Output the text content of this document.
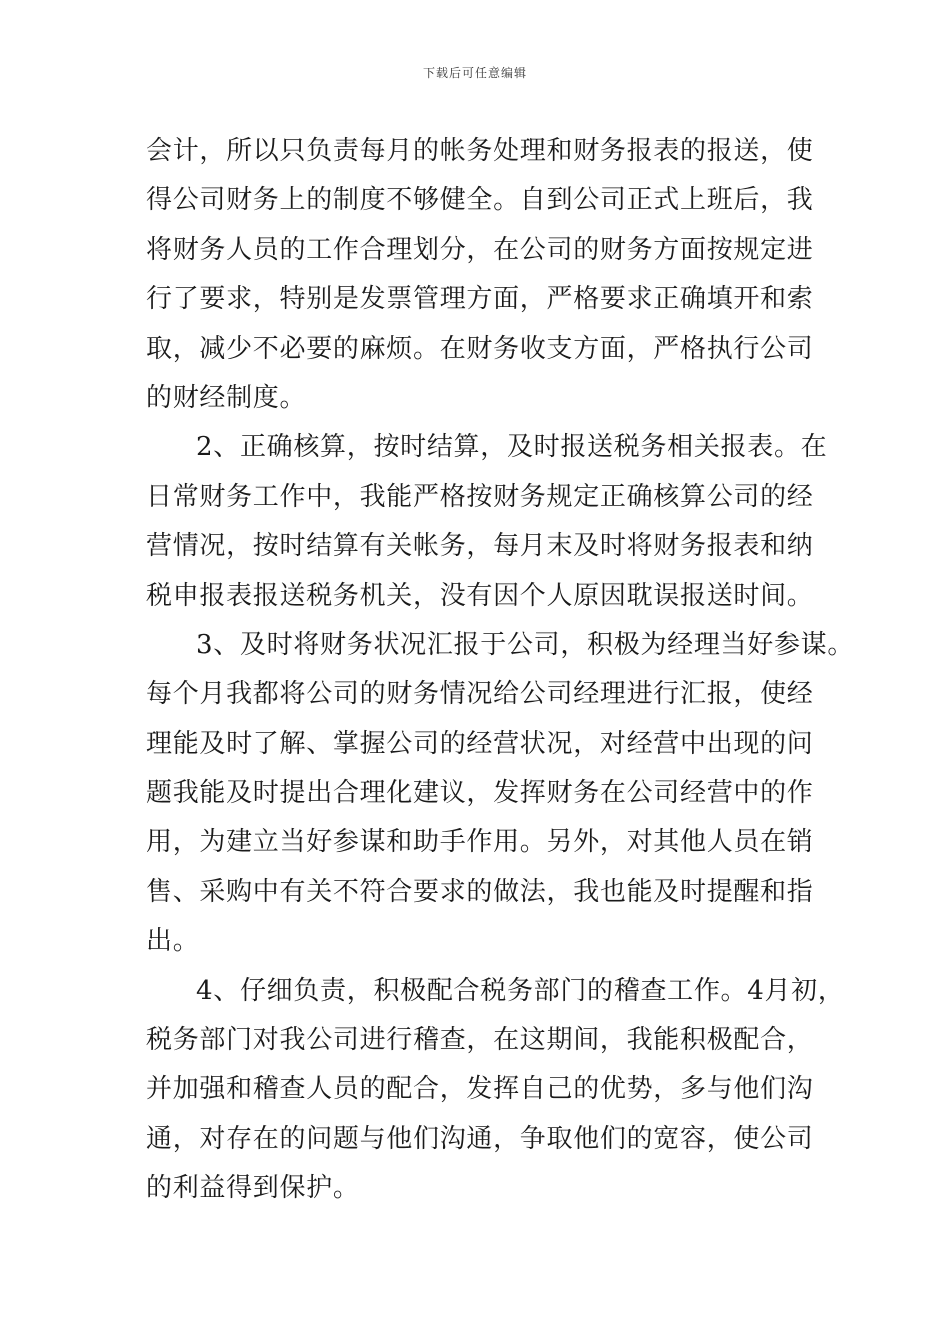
下载后可任意编辑
会计，所以只负责每月的帐务处理和财务报表的报送，使
得公司财务上的制度不够健全。自到公司正式上班后，我
将财务人员的工作合理划分，在公司的财务方面按规定进
行了要求，特别是发票管理方面，严格要求正确填开和索
取，减少不必要的麻烦。在财务收支方面，严格执行公司
的财经制度。
2、正确核算，按时结算，及时报送税务相关报表。在
日常财务工作中，我能严格按财务规定正确核算公司的经
营情况，按时结算有关帐务，每月末及时将财务报表和纳
税申报表报送税务机关，没有因个人原因耽误报送时间。
3、及时将财务状况汇报于公司，积极为经理当好参谋。
每个月我都将公司的财务情况给公司经理进行汇报，使经
理能及时了解、掌握公司的经营状况，对经营中出现的问
题我能及时提出合理化建议，发挥财务在公司经营中的作
用，为建立当好参谋和助手作用。另外，对其他人员在销
售、采购中有关不符合要求的做法，我也能及时提醒和指
出。
4、仔细负责，积极配合税务部门的稽查工作。4月初，
税务部门对我公司进行稽查，在这期间，我能积极配合，
并加强和稽查人员的配合，发挥自己的优势，多与他们沟
通，对存在的问题与他们沟通，争取他们的宽容，使公司
的利益得到保护。
